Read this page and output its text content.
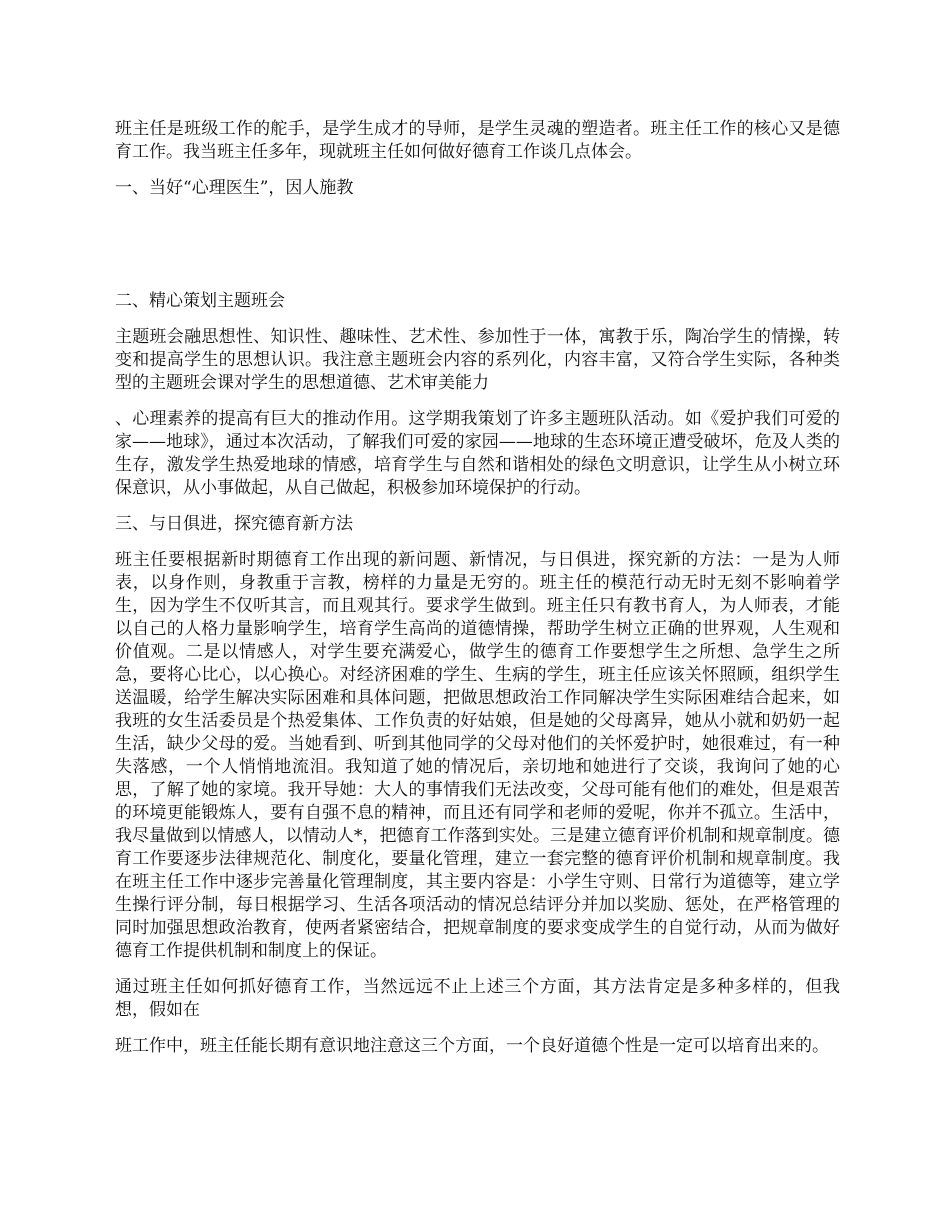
班主任是班级工作的舵手，是学生成才的导师，是学生灵魂的塑造者。班主任工作的核心又是德育工作。我当班主任多年，现就班主任如何做好德育工作谈几点体会。

一、当好“心理医生”，因人施教

二、精心策划主题班会

主题班会融思想性、知识性、趣味性、艺术性、参加性于一体，寓教于乐，陶冶学生的情操，转变和提高学生的思想认识。我注意主题班会内容的系列化，内容丰富，又符合学生实际，各种类型的主题班会课对学生的思想道德、艺术审美能力

、心理素养的提高有巨大的推动作用。这学期我策划了许多主题班队活动。如《爱护我们可爱的家——地球》，通过本次活动，了解我们可爱的家园——地球的生态环境正遭受破坏，危及人类的生存，激发学生热爱地球的情感，培育学生与自然和谐相处的绿色文明意识，让学生从小树立环保意识，从小事做起，从自己做起，积极参加环境保护的行动。

三、与日俱进，探究德育新方法

班主任要根据新时期德育工作出现的新问题、新情况，与日俱进，探究新的方法：一是为人师表，以身作则，身教重于言教，榜样的力量是无穷的。班主任的模范行动无时无刻不影响着学生，因为学生不仅听其言，而且观其行。要求学生做到。班主任只有教书育人，为人师表，才能以自己的人格力量影响学生，培育学生高尚的道德情操，帮助学生树立正确的世界观，人生观和价值观。二是以情感人，对学生要充满爱心，做学生的德育工作要想学生之所想、急学生之所急，要将心比心，以心换心。对经济困难的学生、生病的学生，班主任应该关怀照顾，组织学生送温暖，给学生解决实际困难和具体问题，把做思想政治工作同解决学生实际困难结合起来，如我班的女生活委员是个热爱集体、工作负责的好姑娘，但是她的父母离异，她从小就和奶奶一起生活，缺少父母的爱。当她看到、听到其他同学的父母对他们的关怀爱护时，她很难过，有一种失落感，一个人悄悄地流泪。我知道了她的情况后，亲切地和她进行了交谈，我询问了她的心思，了解了她的家境。我开导她：大人的事情我们无法改变，父母可能有他们的难处，但是艰苦的环境更能锻炼人，要有自强不息的精神，而且还有同学和老师的爱呢，你并不孤立。生活中，我尽量做到以情感人，以情动人*，把德育工作落到实处。三是建立德育评价机制和规章制度。德育工作要逐步法律规范化、制度化，要量化管理，建立一套完整的德育评价机制和规章制度。我在班主任工作中逐步完善量化管理制度，其主要内容是：小学生守则、日常行为道德等，建立学生操行评分制，每日根据学习、生活各项活动的情况总结评分并加以奖励、惩处，在严格管理的同时加强思想政治教育，使两者紧密结合，把规章制度的要求变成学生的自觉行动，从而为做好德育工作提供机制和制度上的保证。

通过班主任如何抓好德育工作，当然远远不止上述三个方面，其方法肯定是多种多样的，但我想，假如在

班工作中，班主任能长期有意识地注意这三个方面，一个良好道德个性是一定可以培育出来的。
